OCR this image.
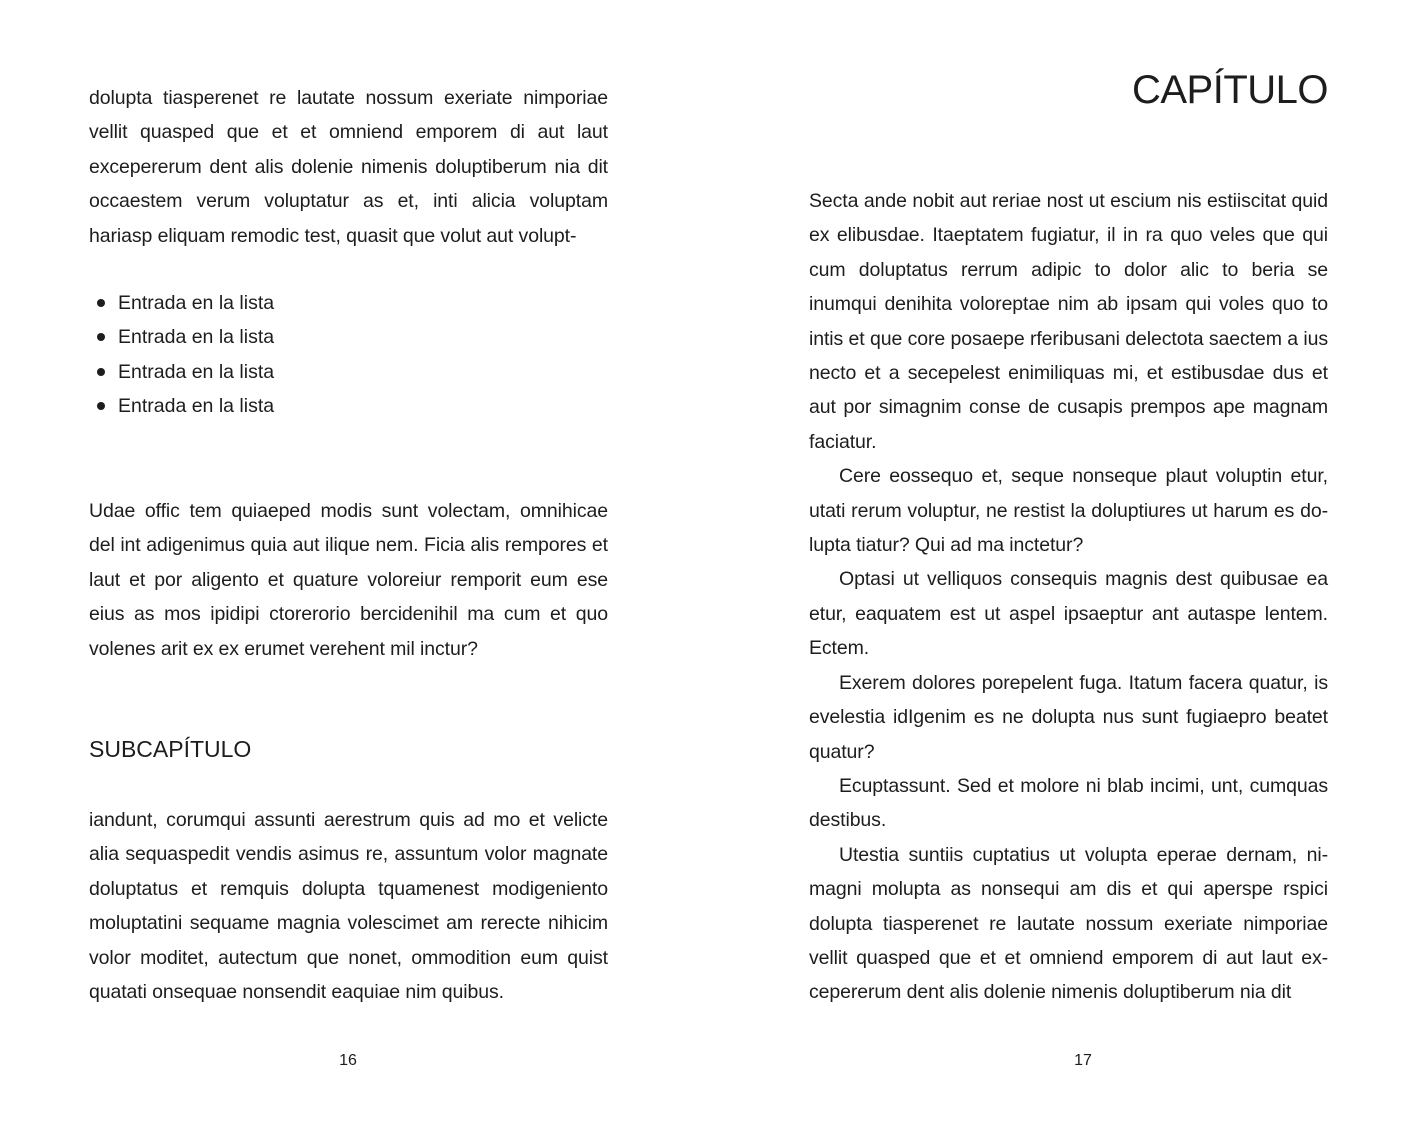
dolupta tiasperenet re lautate nossum exeriate nimporiae vellit quasped que et et omniend emporem di aut laut excepererum dent alis dolenie nimenis doluptiberum nia dit occaestem verum voluptatur as et, inti alicia voluptam hariasp eliquam remodic test, quasit que volut aut volupt-

Entrada en la lista
Entrada en la lista
Entrada en la lista
Entrada en la lista

Udae offic tem quiaeped modis sunt volectam, omnihicae del int adigenimus quia aut ilique nem. Ficia alis rempores et laut et por aligento et quature voloreiur remporit eum ese eius as mos ipidipi ctorerorio bercidenihil ma cum et quo volenes arit ex ex erumet verehent mil inctur?

SUBCAPÍTULO

iandunt, corumqui assunti aerestrum quis ad mo et velicte alia sequaspedit vendis asimus re, assuntum volor magnate doluptatus et remquis dolupta tquamenest modigeniento moluptatini sequame magnia volescimet am rerecte nihicim volor moditet, autectum que nonet, ommodition eum quist quatati onsequae nonsendit eaquiae nim quibus.

16
CAPÍTULO

Secta ande nobit aut reriae nost ut escium nis estiiscitat quid ex elibusdae. Itaeptatem fugiatur, il in ra quo veles que qui cum doluptatus rerrum adipic to dolor alic to beria se inumqui denihita voloreptae nim ab ipsam qui voles quo to intis et que core posaepe rferibusani delectota saectem a ius necto et a secepelest enimiliquas mi, et estibusdae dus et aut por simagnim conse de cusapis prempos ape magnam faciatur.

Cere eossequo et, seque nonseque plaut voluptin etur, utati rerum voluptur, ne restist la doluptiures ut harum es do-lupta tiatur? Qui ad ma inctetur?

Optasi ut velliquos consequis magnis dest quibusae ea etur, eaquatem est ut aspel ipsaeptur ant autaspe lentem. Ectem.

Exerem dolores porepelent fuga. Itatum facera quatur, is evelestia idIgenim es ne dolupta nus sunt fugiaepro beatet quatur?

Ecuptassunt. Sed et molore ni blab incimi, unt, cumquas destibus.

Utestia suntiis cuptatius ut volupta eperae dernam, ni-magni molupta as nonsequi am dis et qui aperspe rspici dolupta tiasperenet re lautate nossum exeriate nimporiae vellit quasped que et et omniend emporem di aut laut ex-cepererum dent alis dolenie nimenis doluptiberum nia dit

17
